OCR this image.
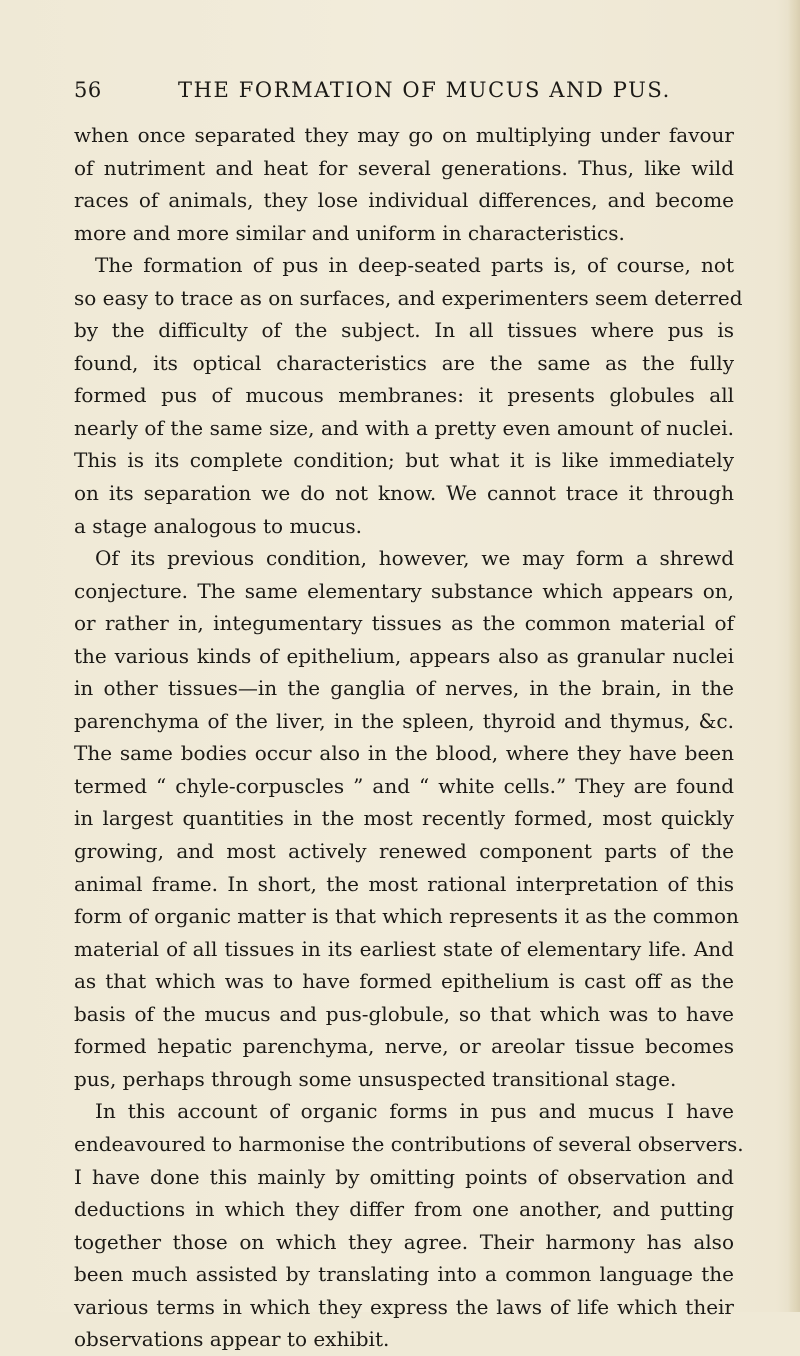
56	THE FORMATION OF MUCUS AND PUS.
when once separated they may go on multiplying under favour
of nutriment and heat for several generations. Thus, like wild
races of animals, they lose individual differences, and become
more and more similar and uniform in characteristics.
The formation of pus in deep-seated parts is, of course, not
so easy to trace as on surfaces, and experimenters seem deterred
by the difficulty of the subject. In all tissues where pus is
found, its optical characteristics are the same as the fully
formed pus of mucous membranes: it presents globules all
nearly of the same size, and with a pretty even amount of nuclei.
This is its complete condition; but what it is like immediately
on its separation we do not know. We cannot trace it through
a stage analogous to mucus.
Of its previous condition, however, we may form a shrewd
conjecture. The same elementary substance which appears on,
or rather in, integumentary tissues as the common material of
the various kinds of epithelium, appears also as granular nuclei
in other tissues—in the ganglia of nerves, in the brain, in the
parenchyma of the liver, in the spleen, thyroid and thymus, &c.
The same bodies occur also in the blood, where they have been
termed “ chyle-corpuscles ” and “ white cells.” They are found
in largest quantities in the most recently formed, most quickly
growing, and most actively renewed component parts of the
animal frame. In short, the most rational interpretation of this
form of organic matter is that which represents it as the common
material of all tissues in its earliest state of elementary life. And
as that which was to have formed epithelium is cast off as the
basis of the mucus and pus-globule, so that which was to have
formed hepatic parenchyma, nerve, or areolar tissue becomes
pus, perhaps through some unsuspected transitional stage.
In this account of organic forms in pus and mucus I have
endeavoured to harmonise the contributions of several observers.
I have done this mainly by omitting points of observation and
deductions in which they differ from one another, and putting
together those on which they agree. Their harmony has also
been much assisted by translating into a common language the
various terms in which they express the laws of life which their
observations appear to exhibit.
